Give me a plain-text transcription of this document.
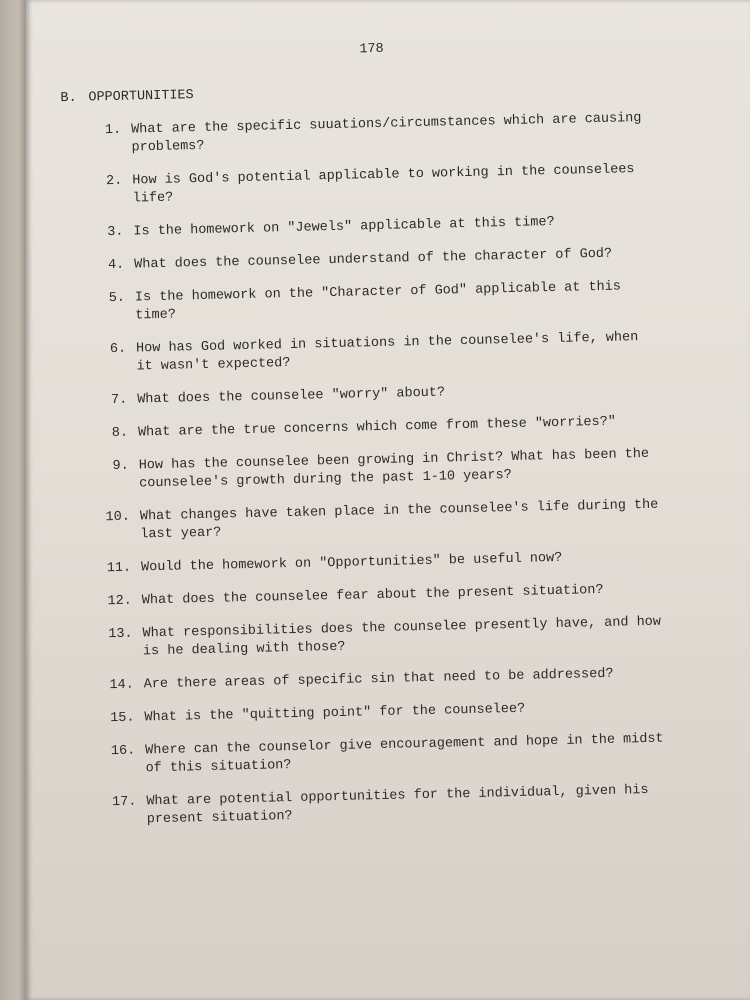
178
B. OPPORTUNITIES
1. What are the specific suuations/circumstances which are causing problems?
2. How is God's potential applicable to working in the counselees life?
3. Is the homework on "Jewels" applicable at this time?
4. What does the counselee understand of the character of God?
5. Is the homework on the "Character of God" applicable at this time?
6. How has God worked in situations in the counselee's life, when it wasn't expected?
7. What does the counselee "worry" about?
8. What are the true concerns which come from these "worries?"
9. How has the counselee been growing in Christ? What has been the counselee's growth during the past 1-10 years?
10. What changes have taken place in the counselee's life during the last year?
11. Would the homework on "Opportunities" be useful now?
12. What does the counselee fear about the present situation?
13. What responsibilities does the counselee presently have, and how is he dealing with those?
14. Are there areas of specific sin that need to be addressed?
15. What is the "quitting point" for the counselee?
16. Where can the counselor give encouragement and hope in the midst of this situation?
17. What are potential opportunities for the individual, given his present situation?
